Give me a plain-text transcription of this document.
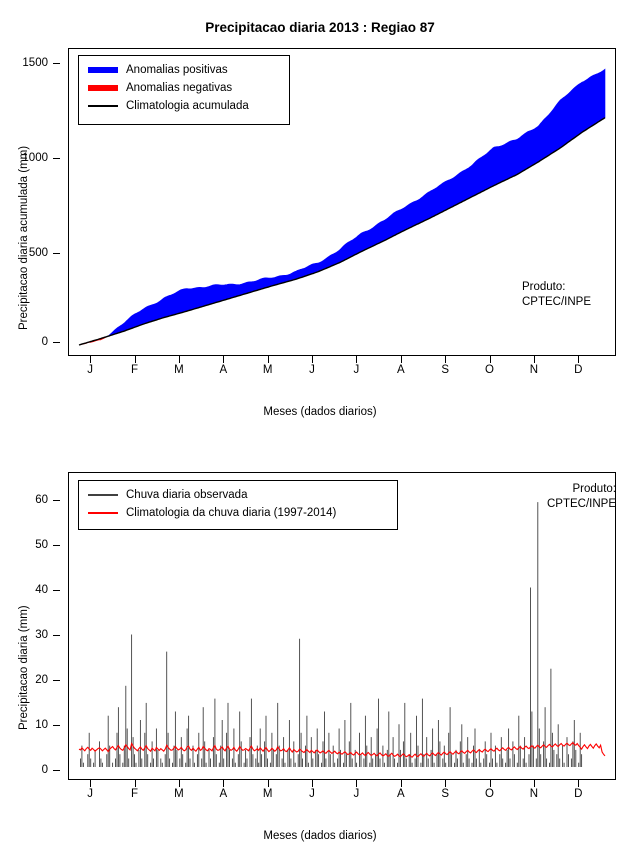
Precipitacao diaria 2013 : Regiao 87
Precipitacao diaria acumulada (mm)
0
500
1000
1500
Anomalias positivas
Anomalias negativas
Climatologia acumulada
Produto:
CPTEC/INPE
J	F	M	A	M	J	J	A	S	O	N	D
Meses (dados diarios)
Precipitacao diaria (mm)
0
10
20
30
40
50
60	Chuva diaria observada
Climatologia da chuva diaria (1997-2014)
Produto:
CPTEC/INPE
J	F	M	A	M	J	J	A	S	O	N	D
Meses (dados diarios)
